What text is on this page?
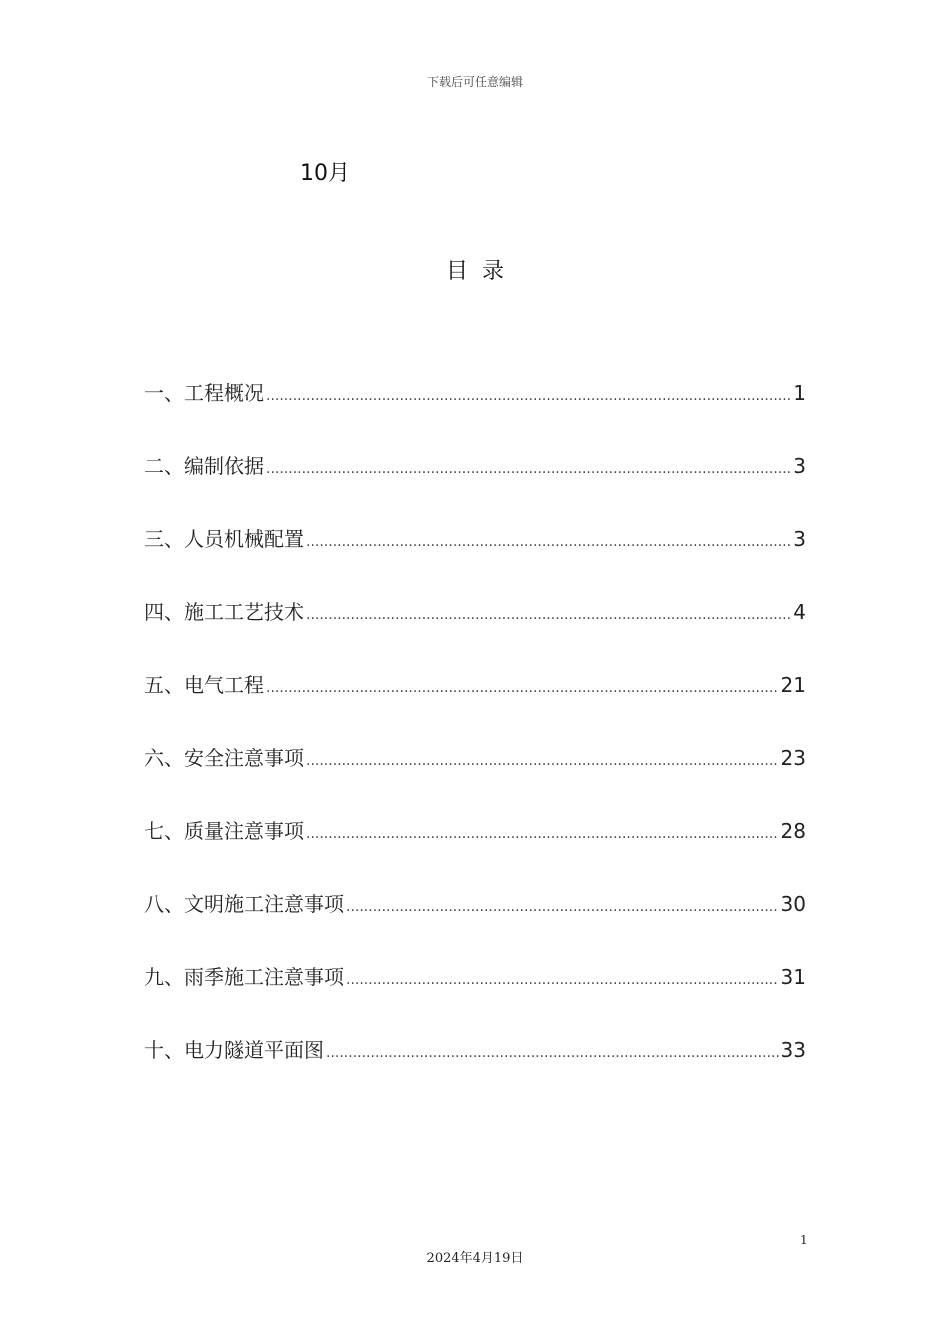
下载后可任意编辑
10月
目录
一、工程概况 .....	1
二、编制依据 .....	3
三、人员机械配置 .....	3
四、施工工艺技术 .....	4
五、电气工程 .....	21
六、安全注意事项 .....	23
七、质量注意事项 .....	28
八、文明施工注意事项 .....	30
九、雨季施工注意事项 .....	31
十、电力隧道平面图 .....	33
1
2024年4月19日
